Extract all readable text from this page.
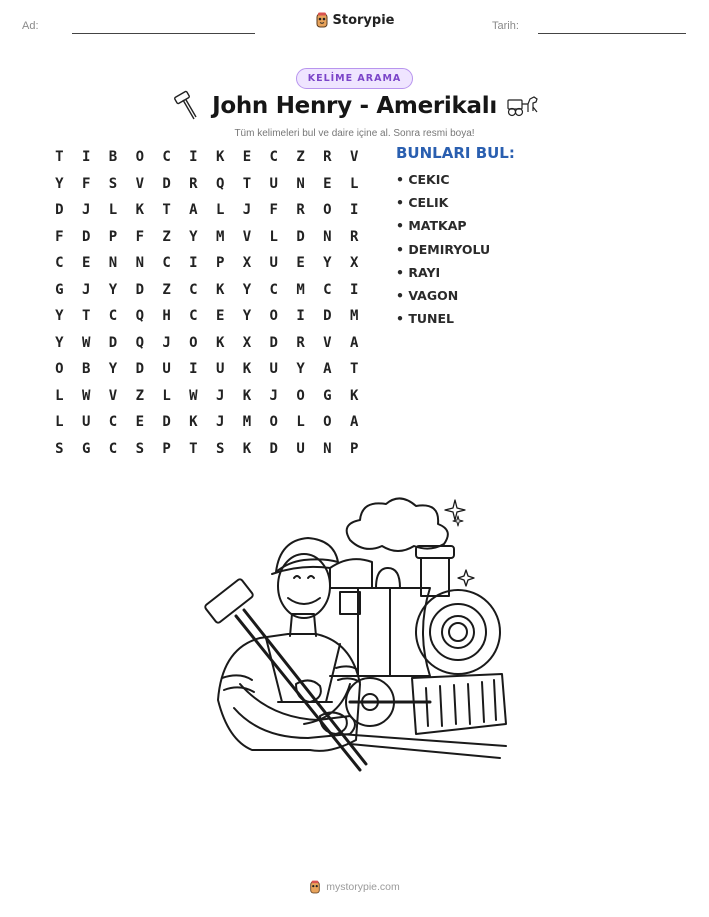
Ad:	Storypie	Tarih:
KELİME ARAMA
John Henry - Amerikalı
Tüm kelimeleri bul ve daire içine al. Sonra resmi boya!
T	I	B	O	C	I	K	E	C	Z	R	V
Y	F	S	V	D	R	Q	T	U	N	E	L
D	J	L	K	T	A	L	J	F	R	O	I
F	D	P	F	Z	Y	M	V	L	D	N	R
C	E	N	N	C	I	P	X	U	E	Y	X
G	J	Y	D	Z	C	K	Y	C	M	C	I
Y	T	C	Q	H	C	E	Y	O	I	D	M
Y	W	D	Q	J	O	K	X	D	R	V	A
O	B	Y	D	U	I	U	K	U	Y	A	T
L	W	V	Z	L	W	J	K	J	O	G	K
L	U	C	E	D	K	J	M	O	L	O	A
S	G	C	S	P	T	S	K	D	U	N	P
BUNLARI BUL:
• CEKIC
• CELIK
• MATKAP
• DEMIRYOLU
• RAYI
• VAGON
• TUNEL
mystorypie.com
